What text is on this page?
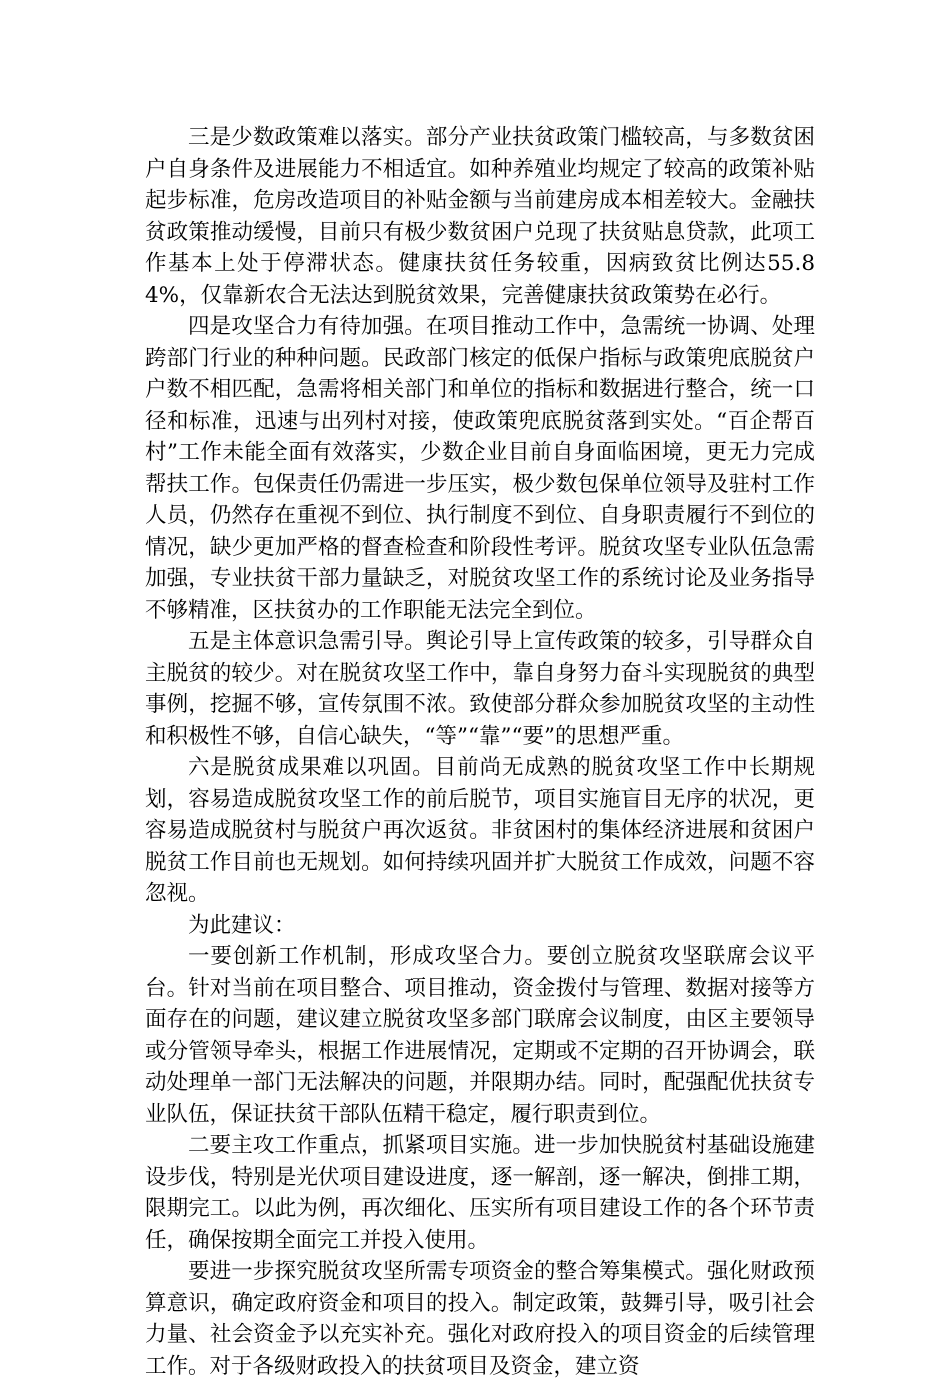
三是少数政策难以落实。部分产业扶贫政策门槛较高，与多数贫困户自身条件及进展能力不相适宜。如种养殖业均规定了较高的政策补贴起步标准，危房改造项目的补贴金额与当前建房成本相差较大。金融扶贫政策推动缓慢，目前只有极少数贫困户兑现了扶贫贴息贷款，此项工作基本上处于停滞状态。健康扶贫任务较重，因病致贫比例达55.84%，仅靠新农合无法达到脱贫效果，完善健康扶贫政策势在必行。

四是攻坚合力有待加强。在项目推动工作中，急需统一协调、处理跨部门行业的种种问题。民政部门核定的低保户指标与政策兜底脱贫户户数不相匹配，急需将相关部门和单位的指标和数据进行整合，统一口径和标准，迅速与出列村对接，使政策兜底脱贫落到实处。“百企帮百村”工作未能全面有效落实，少数企业目前自身面临困境，更无力完成帮扶工作。包保责任仍需进一步压实，极少数包保单位领导及驻村工作人员，仍然存在重视不到位、执行制度不到位、自身职责履行不到位的情况，缺少更加严格的督查检查和阶段性考评。脱贫攻坚专业队伍急需加强，专业扶贫干部力量缺乏，对脱贫攻坚工作的系统讨论及业务指导不够精准，区扶贫办的工作职能无法完全到位。

五是主体意识急需引导。舆论引导上宣传政策的较多，引导群众自主脱贫的较少。对在脱贫攻坚工作中，靠自身努力奋斗实现脱贫的典型事例，挖掘不够，宣传氛围不浓。致使部分群众参加脱贫攻坚的主动性和积极性不够，自信心缺失，“等”“靠”“要”的思想严重。

六是脱贫成果难以巩固。目前尚无成熟的脱贫攻坚工作中长期规划，容易造成脱贫攻坚工作的前后脱节，项目实施盲目无序的状况，更容易造成脱贫村与脱贫户再次返贫。非贫困村的集体经济进展和贫困户脱贫工作目前也无规划。如何持续巩固并扩大脱贫工作成效，问题不容忽视。

为此建议：

一要创新工作机制，形成攻坚合力。要创立脱贫攻坚联席会议平台。针对当前在项目整合、项目推动，资金拨付与管理、数据对接等方面存在的问题，建议建立脱贫攻坚多部门联席会议制度，由区主要领导或分管领导牵头，根据工作进展情况，定期或不定期的召开协调会，联动处理单一部门无法解决的问题，并限期办结。同时，配强配优扶贫专业队伍，保证扶贫干部队伍精干稳定，履行职责到位。

二要主攻工作重点，抓紧项目实施。进一步加快脱贫村基础设施建设步伐，特别是光伏项目建设进度，逐一解剖，逐一解决，倒排工期，限期完工。以此为例，再次细化、压实所有项目建设工作的各个环节责任，确保按期全面完工并投入使用。

要进一步探究脱贫攻坚所需专项资金的整合筹集模式。强化财政预算意识，确定政府资金和项目的投入。制定政策，鼓舞引导，吸引社会力量、社会资金予以充实补充。强化对政府投入的项目资金的后续管理工作。对于各级财政投入的扶贫项目及资金，建立资
